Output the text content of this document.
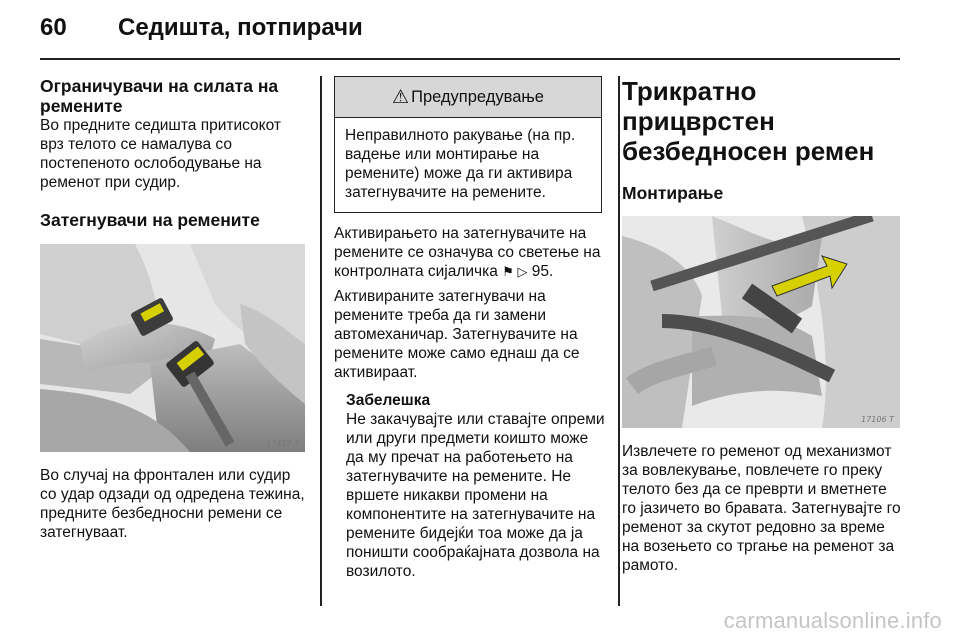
60 Седишта, потпирачи
Ограничувачи на силата на ремените

Во предните седишта притисокот врз телото се намалува со постепеното ослободување на ременот при судир.

Затегнувачи на ремените
17417 T

Во случај на фронтален или судир со удар одзади од одредена тежина, предните безбедносни ремени се затегнуваат.

⚠ Предупредување
Неправилното ракување (на пр. вадење или монтирање на ремените) може да ги активира затегнувачите на ремените.

Активирањето на затегнувачите на ремените се означува со светење на контролната сијаличка ⚑ ▷ 95.

Активираните затегнувачи на ремените треба да ги замени автомеханичар. Затегнувачите на ремените може само еднаш да се активираат.

Забелешка

Не закачувајте или ставајте опреми или други предмети коишто може да му пречат на работењето на затегнувачите на ремените. Не вршете никакви промени на компонентите на затегнувачите на ремените бидејќи тоа може да ја поништи сообраќајната дозвола на возилото.

Трикратно прицврстен безбедносен ремен

Монтирање
17106 T

Извлечете го ременот од механизмот за вовлекување, повлечете го преку телото без да се преврти и вметнете го јазичето во бравата. Затегнувајте го ременот за скутот редовно за време на возењето со тргање на ременот за рамото.

carmanualsonline.info
